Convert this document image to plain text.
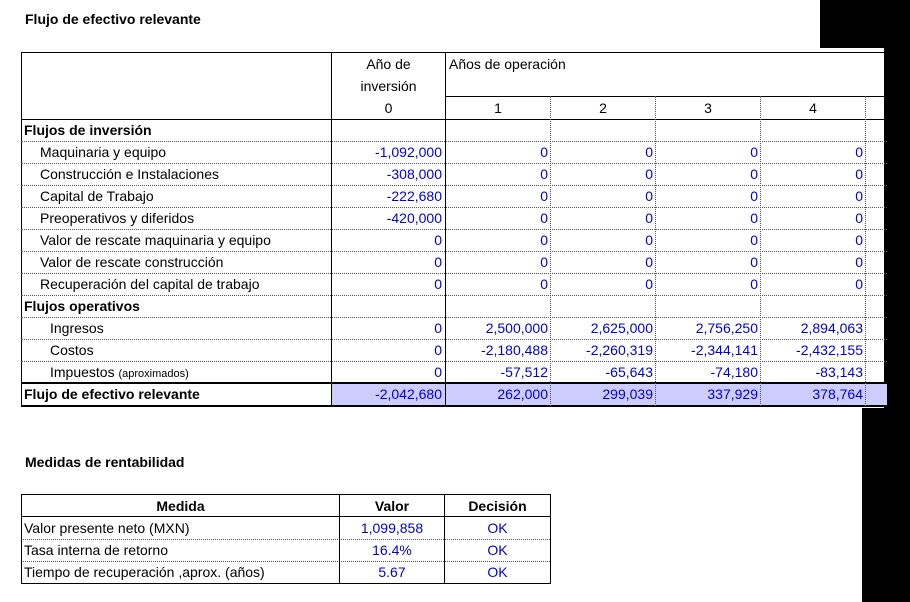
Flujo de efectivo relevante
Año de
inversión
0
Años de operación
1	2	3	4
Flujos de inversión
Maquinaria y equipo	-1,092,000	0	0	0	0
Construcción e Instalaciones	-308,000	0	0	0	0
Capital de Trabajo	-222,680	0	0	0	0
Preoperativos y diferidos	-420,000	0	0	0	0
Valor de rescate maquinaria y equipo	0	0	0	0	0
Valor de rescate construcción	0	0	0	0	0
Recuperación del capital de trabajo	0	0	0	0	0
Flujos operativos
Ingresos	0	2,500,000	2,625,000	2,756,250	2,894,063
Costos	0	-2,180,488	-2,260,319	-2,344,141	-2,432,155
Impuestos (aproximados)	0	-57,512	-65,643	-74,180	-83,143
Flujo de efectivo relevante	-2,042,680	262,000	299,039	337,929	378,764
Medidas de rentabilidad
Medida	Valor	Decisión
Valor presente neto (MXN)	1,099,858	OK
Tasa interna de retorno	16.4%	OK
Tiempo de recuperación ,aprox. (años)	5.67	OK
